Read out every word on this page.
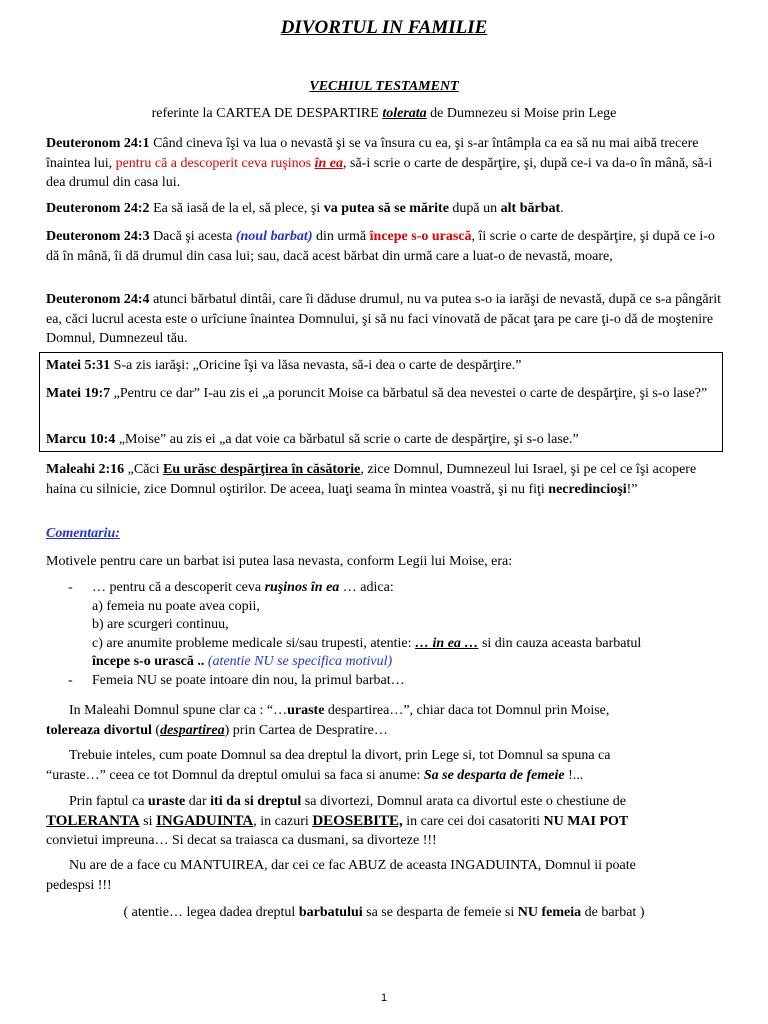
DIVORTUL IN FAMILIE
VECHIUL TESTAMENT
referinte la CARTEA DE DESPARTIRE tolerata de Dumnezeu si Moise prin Lege
Deuteronom 24:1 Când cineva îşi va lua o nevastă şi se va însura cu ea, şi s-ar întâmpla ca ea să nu mai aibă trecere înaintea lui, pentru că a descoperit ceva ruşinos în ea, să-i scrie o carte de despărţire, şi, după ce-i va da-o în mână, să-i dea drumul din casa lui.
Deuteronom 24:2 Ea să iasă de la el, să plece, şi va putea să se mărite după un alt bărbat.
Deuteronom 24:3 Dacă şi acesta (noul barbat) din urmă începe s-o urască, îi scrie o carte de despărţire, şi după ce i-o dă în mână, îi dă drumul din casa lui; sau, dacă acest bărbat din urmă care a luat-o de nevastă, moare,
Deuteronom 24:4 atunci bărbatul dintâi, care îi dăduse drumul, nu va putea s-o ia iarăşi de nevastă, după ce s-a pângărit ea, căci lucrul acesta este o urîciune înaintea Domnului, şi să nu faci vinovată de păcat ţara pe care ţi-o dă de moştenire Domnul, Dumnezeul tău.
Matei 5:31 S-a zis iarăşi: „Oricine îşi va lăsa nevasta, să-i dea o carte de despărţire.”
Matei 19:7 „Pentru ce dar” I-au zis ei „a poruncit Moise ca bărbatul să dea nevestei o carte de despărţire, şi s-o lase?”
Marcu 10:4 „Moise” au zis ei „a dat voie ca bărbatul să scrie o carte de despărţire, şi s-o lase.”
Maleahi 2:16 „Căci Eu urăsc despărţirea în căsătorie, zice Domnul, Dumnezeul lui Israel, şi pe cel ce îşi acopere haina cu silnicie, zice Domnul oştirilor. De aceea, luaţi seama în mintea voastră, şi nu fiţi necredincioşi!”
Comentariu:
Motivele pentru care un barbat isi putea lasa nevasta, conform Legii lui Moise, era:
- … pentru că a descoperit ceva ruşinos în ea … adica:
a) femeia nu poate avea copii,
b) are scurgeri continuu,
c) are anumite probleme medicale si/sau trupesti, atentie: … in ea … si din cauza aceasta barbatul
începe s-o urască .. (atentie NU se specifica motivul)
- Femeia NU se poate intoare din nou, la primul barbat…
In Maleahi Domnul spune clar ca : “…uraste despartirea…”, chiar daca tot Domnul prin Moise,
tolereaza divortul (despartirea) prin Cartea de Despratire…
Trebuie inteles, cum poate Domnul sa dea dreptul la divort, prin Lege si, tot Domnul sa spuna ca
“uraste…” ceea ce tot Domnul da dreptul omului sa faca si anume: Sa se desparta de femeie !...
Prin faptul ca uraste dar iti da si dreptul sa divortezi, Domnul arata ca divortul este o chestiune de
TOLERANTA si INGADUINTA, in cazuri DEOSEBITE, in care cei doi casatoriti NU MAI POT
convietui impreuna… Si decat sa traiasca ca dusmani, sa divorteze !!!
Nu are de a face cu MANTUIREA, dar cei ce fac ABUZ de aceasta INGADUINTA, Domnul ii poate
pedespsi !!!
( atentie… legea dadea dreptul barbatului sa se desparta de femeie si NU femeia de barbat )
1
